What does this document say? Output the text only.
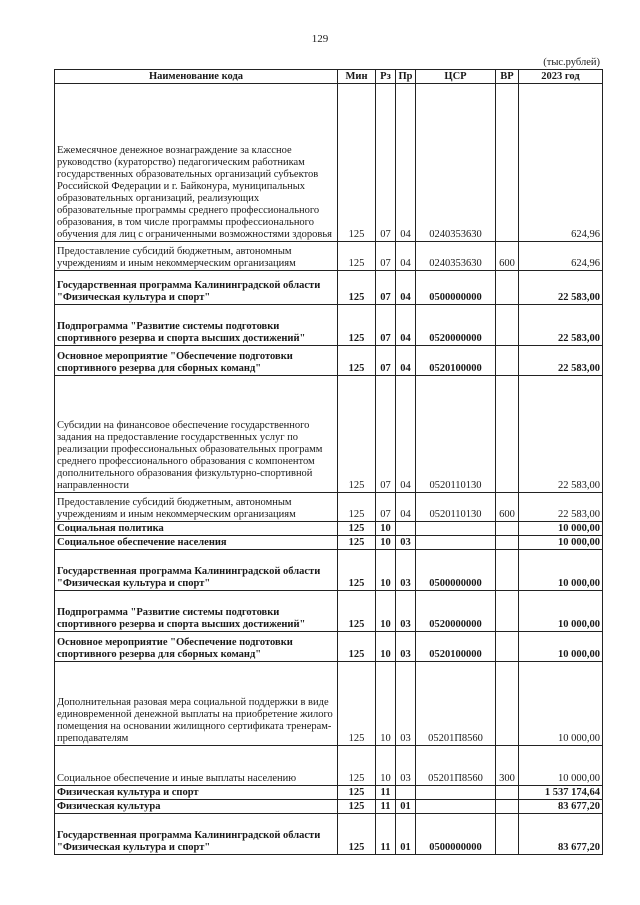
129
(тыс.рублей)
Наименование кода	Мин	Рз	Пр	ЦСР	ВР	2023 год
Ежемесячное денежное вознаграждение за классное руководство (кураторство) педагогическим работникам государственных образовательных организаций субъектов Российской Федерации и г. Байконура, муниципальных образовательных организаций, реализующих образовательные программы среднего профессионального образования, в том числе программы профессионального обучения для лиц с ограниченными возможностями здоровья	125	07	04	0240353630		624,96
Предоставление субсидий бюджетным, автономным учреждениям и иным некоммерческим организациям	125	07	04	0240353630	600	624,96
Государственная программа Калининградской области "Физическая культура и спорт"	125	07	04	0500000000		22 583,00
Подпрограмма "Развитие системы подготовки спортивного резерва и спорта высших достижений"	125	07	04	0520000000		22 583,00
Основное мероприятие "Обеспечение подготовки спортивного резерва для сборных команд"	125	07	04	0520100000		22 583,00
Субсидии на финансовое обеспечение государственного задания на предоставление государственных услуг по реализации профессиональных образовательных программ среднего профессионального образования с компонентом дополнительного образования физкультурно-спортивной направленности	125	07	04	0520110130		22 583,00
Предоставление субсидий бюджетным, автономным учреждениям и иным некоммерческим организациям	125	07	04	0520110130	600	22 583,00
Социальная политика	125	10				10 000,00
Социальное обеспечение населения	125	10	03			10 000,00
Государственная программа Калининградской области "Физическая культура и спорт"	125	10	03	0500000000		10 000,00
Подпрограмма "Развитие системы подготовки спортивного резерва и спорта высших достижений"	125	10	03	0520000000		10 000,00
Основное мероприятие "Обеспечение подготовки спортивного резерва для сборных команд"	125	10	03	0520100000		10 000,00
Дополнительная разовая мера социальной поддержки в виде единовременной денежной выплаты на приобретение жилого помещения на основании жилищного сертификата тренерам-преподавателям	125	10	03	05201П8560		10 000,00
Социальное обеспечение и иные выплаты населению	125	10	03	05201П8560	300	10 000,00
Физическая культура и спорт	125	11				1 537 174,64
Физическая культура	125	11	01			83 677,20
Государственная программа Калининградской области "Физическая культура и спорт"	125	11	01	0500000000		83 677,20
